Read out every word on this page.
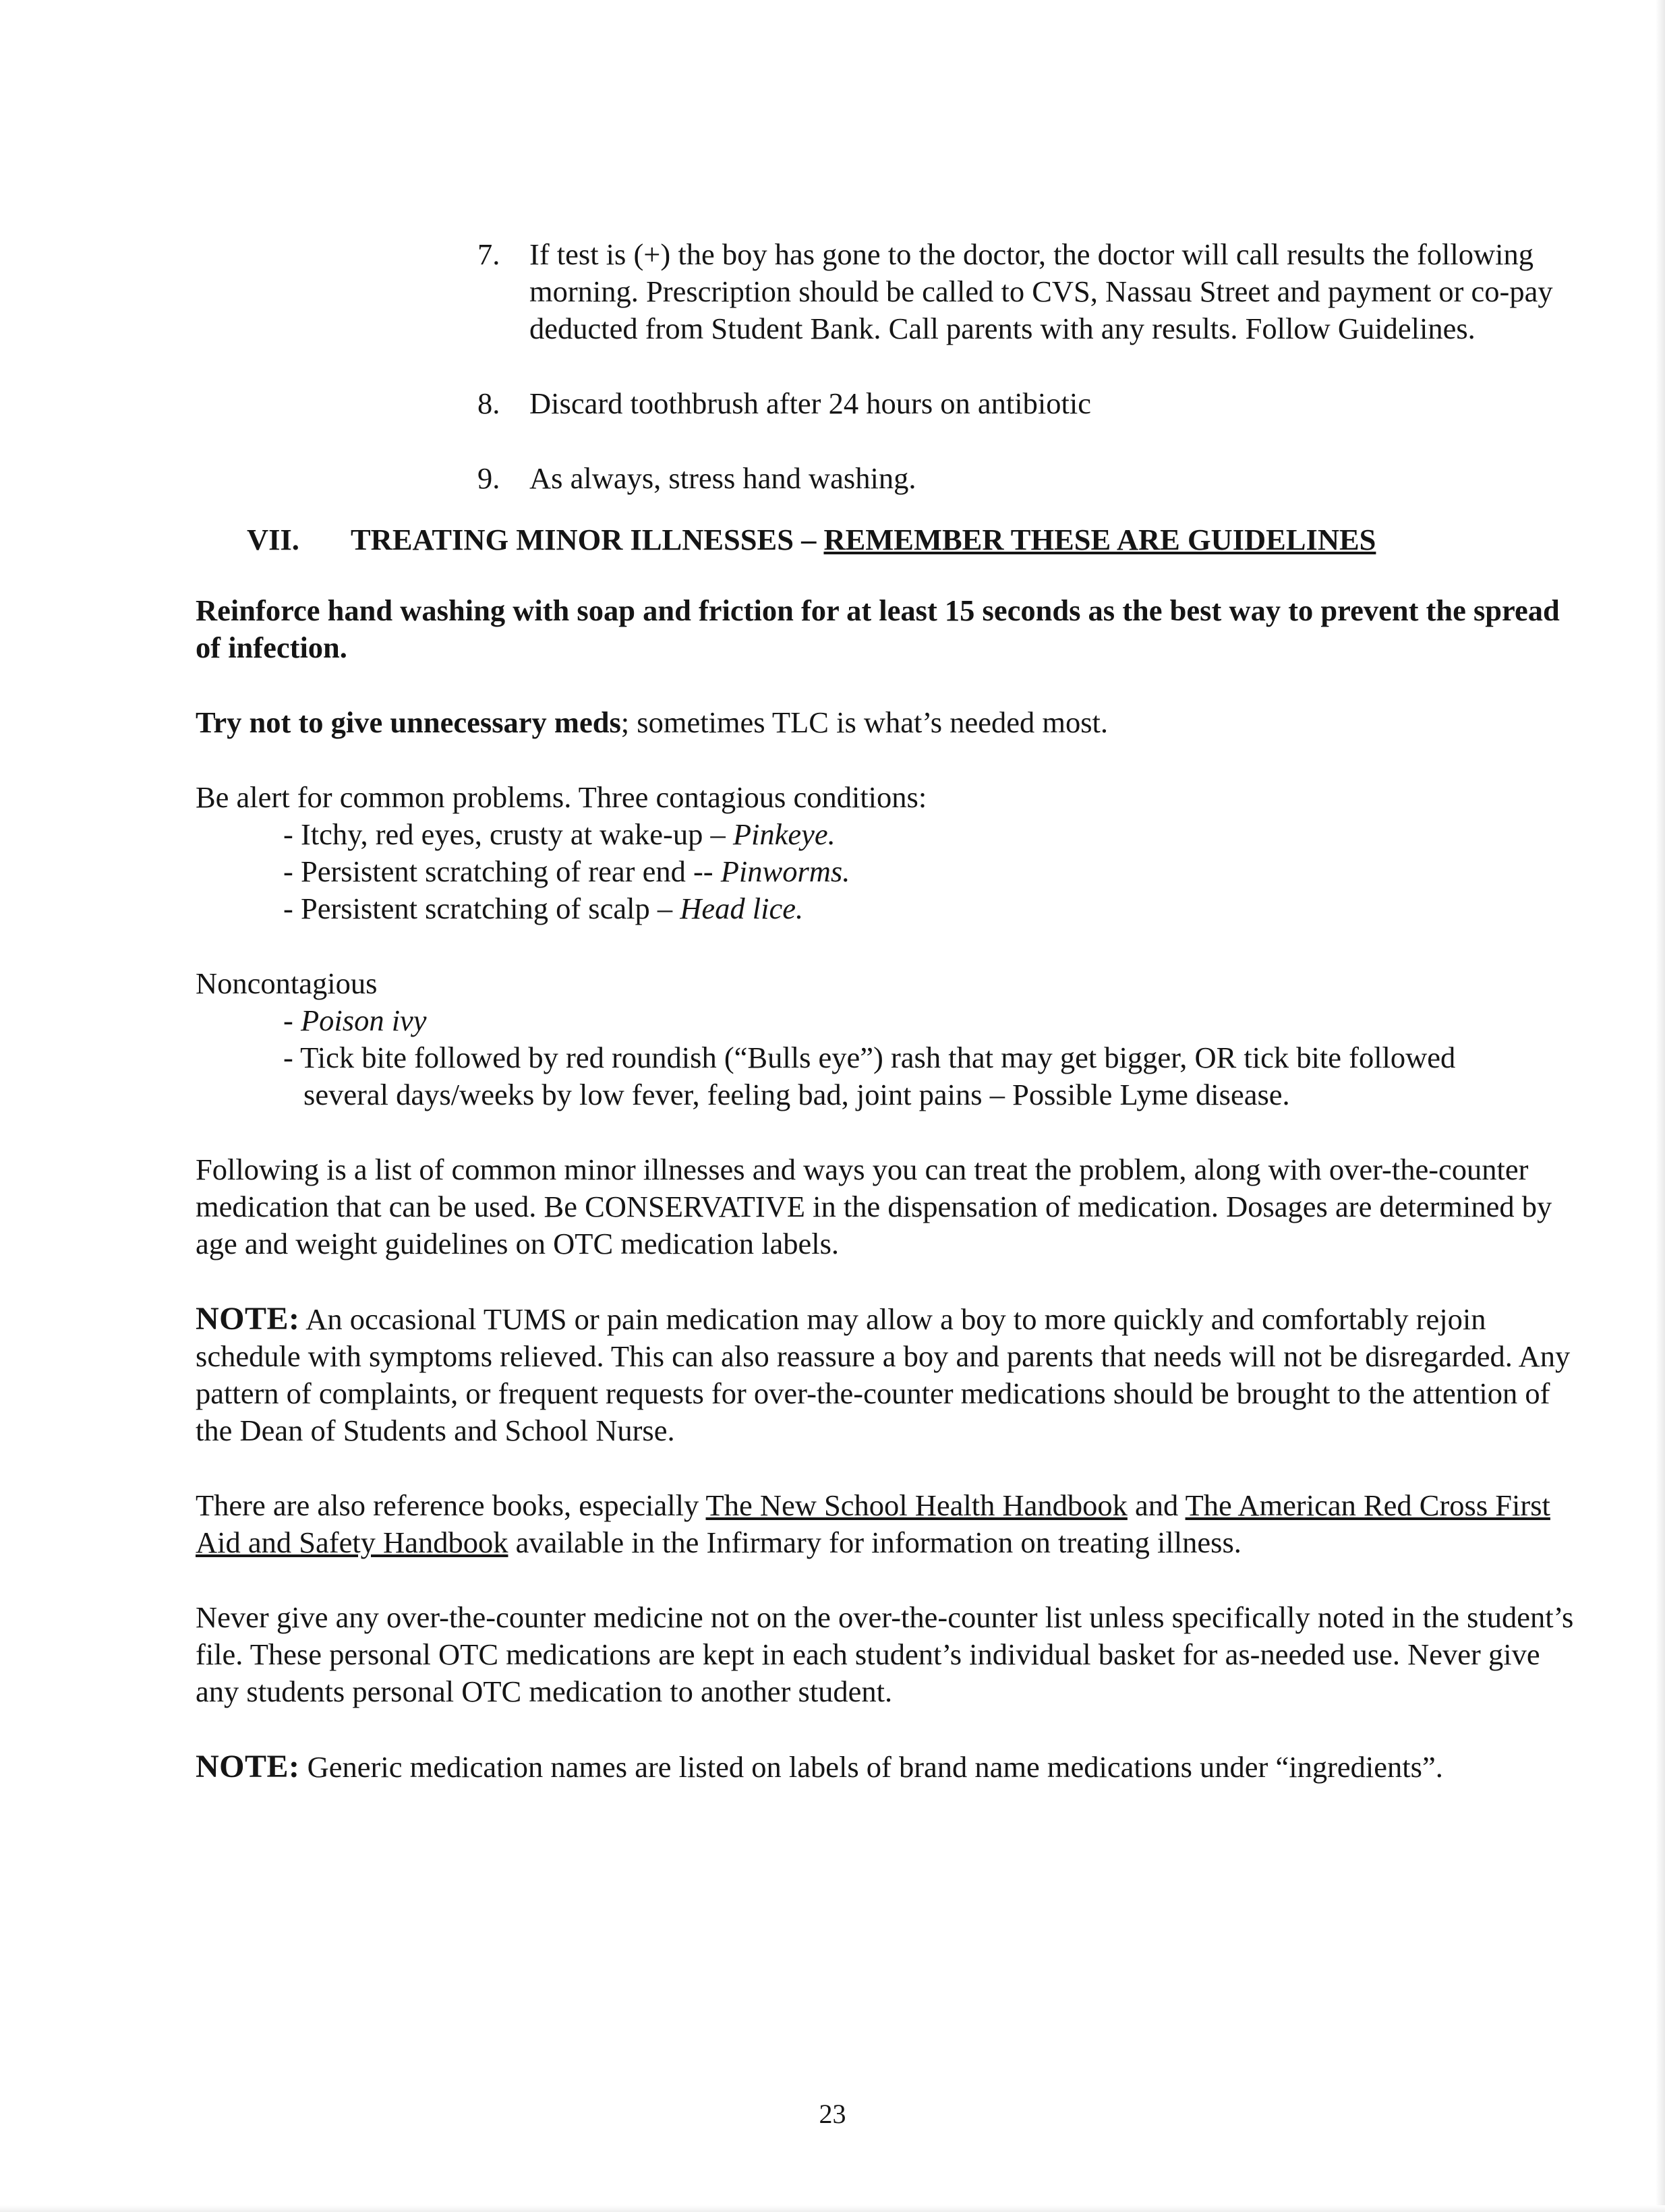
7. If test is (+) the boy has gone to the doctor, the doctor will call results the following morning. Prescription should be called to CVS, Nassau Street and payment or co-pay deducted from Student Bank. Call parents with any results. Follow Guidelines.
8. Discard toothbrush after 24 hours on antibiotic
9. As always, stress hand washing.
VII. TREATING MINOR ILLNESSES – REMEMBER THESE ARE GUIDELINES

Reinforce hand washing with soap and friction for at least 15 seconds as the best way to prevent the spread of infection.

Try not to give unnecessary meds; sometimes TLC is what’s needed most.

Be alert for common problems. Three contagious conditions:
- Itchy, red eyes, crusty at wake-up – Pinkeye.
- Persistent scratching of rear end -- Pinworms.
- Persistent scratching of scalp – Head lice.
Noncontagious
- Poison ivy
- Tick bite followed by red roundish (“Bulls eye”) rash that may get bigger, OR tick bite followed several days/weeks by low fever, feeling bad, joint pains – Possible Lyme disease.

Following is a list of common minor illnesses and ways you can treat the problem, along with over-the-counter medication that can be used. Be CONSERVATIVE in the dispensation of medication. Dosages are determined by age and weight guidelines on OTC medication labels.

NOTE: An occasional TUMS or pain medication may allow a boy to more quickly and comfortably rejoin schedule with symptoms relieved. This can also reassure a boy and parents that needs will not be disregarded. Any pattern of complaints, or frequent requests for over-the-counter medications should be brought to the attention of the Dean of Students and School Nurse.

There are also reference books, especially The New School Health Handbook and The American Red Cross First Aid and Safety Handbook available in the Infirmary for information on treating illness.

Never give any over-the-counter medicine not on the over-the-counter list unless specifically noted in the student’s file. These personal OTC medications are kept in each student’s individual basket for as-needed use. Never give any students personal OTC medication to another student.

NOTE: Generic medication names are listed on labels of brand name medications under “ingredients”.

23
